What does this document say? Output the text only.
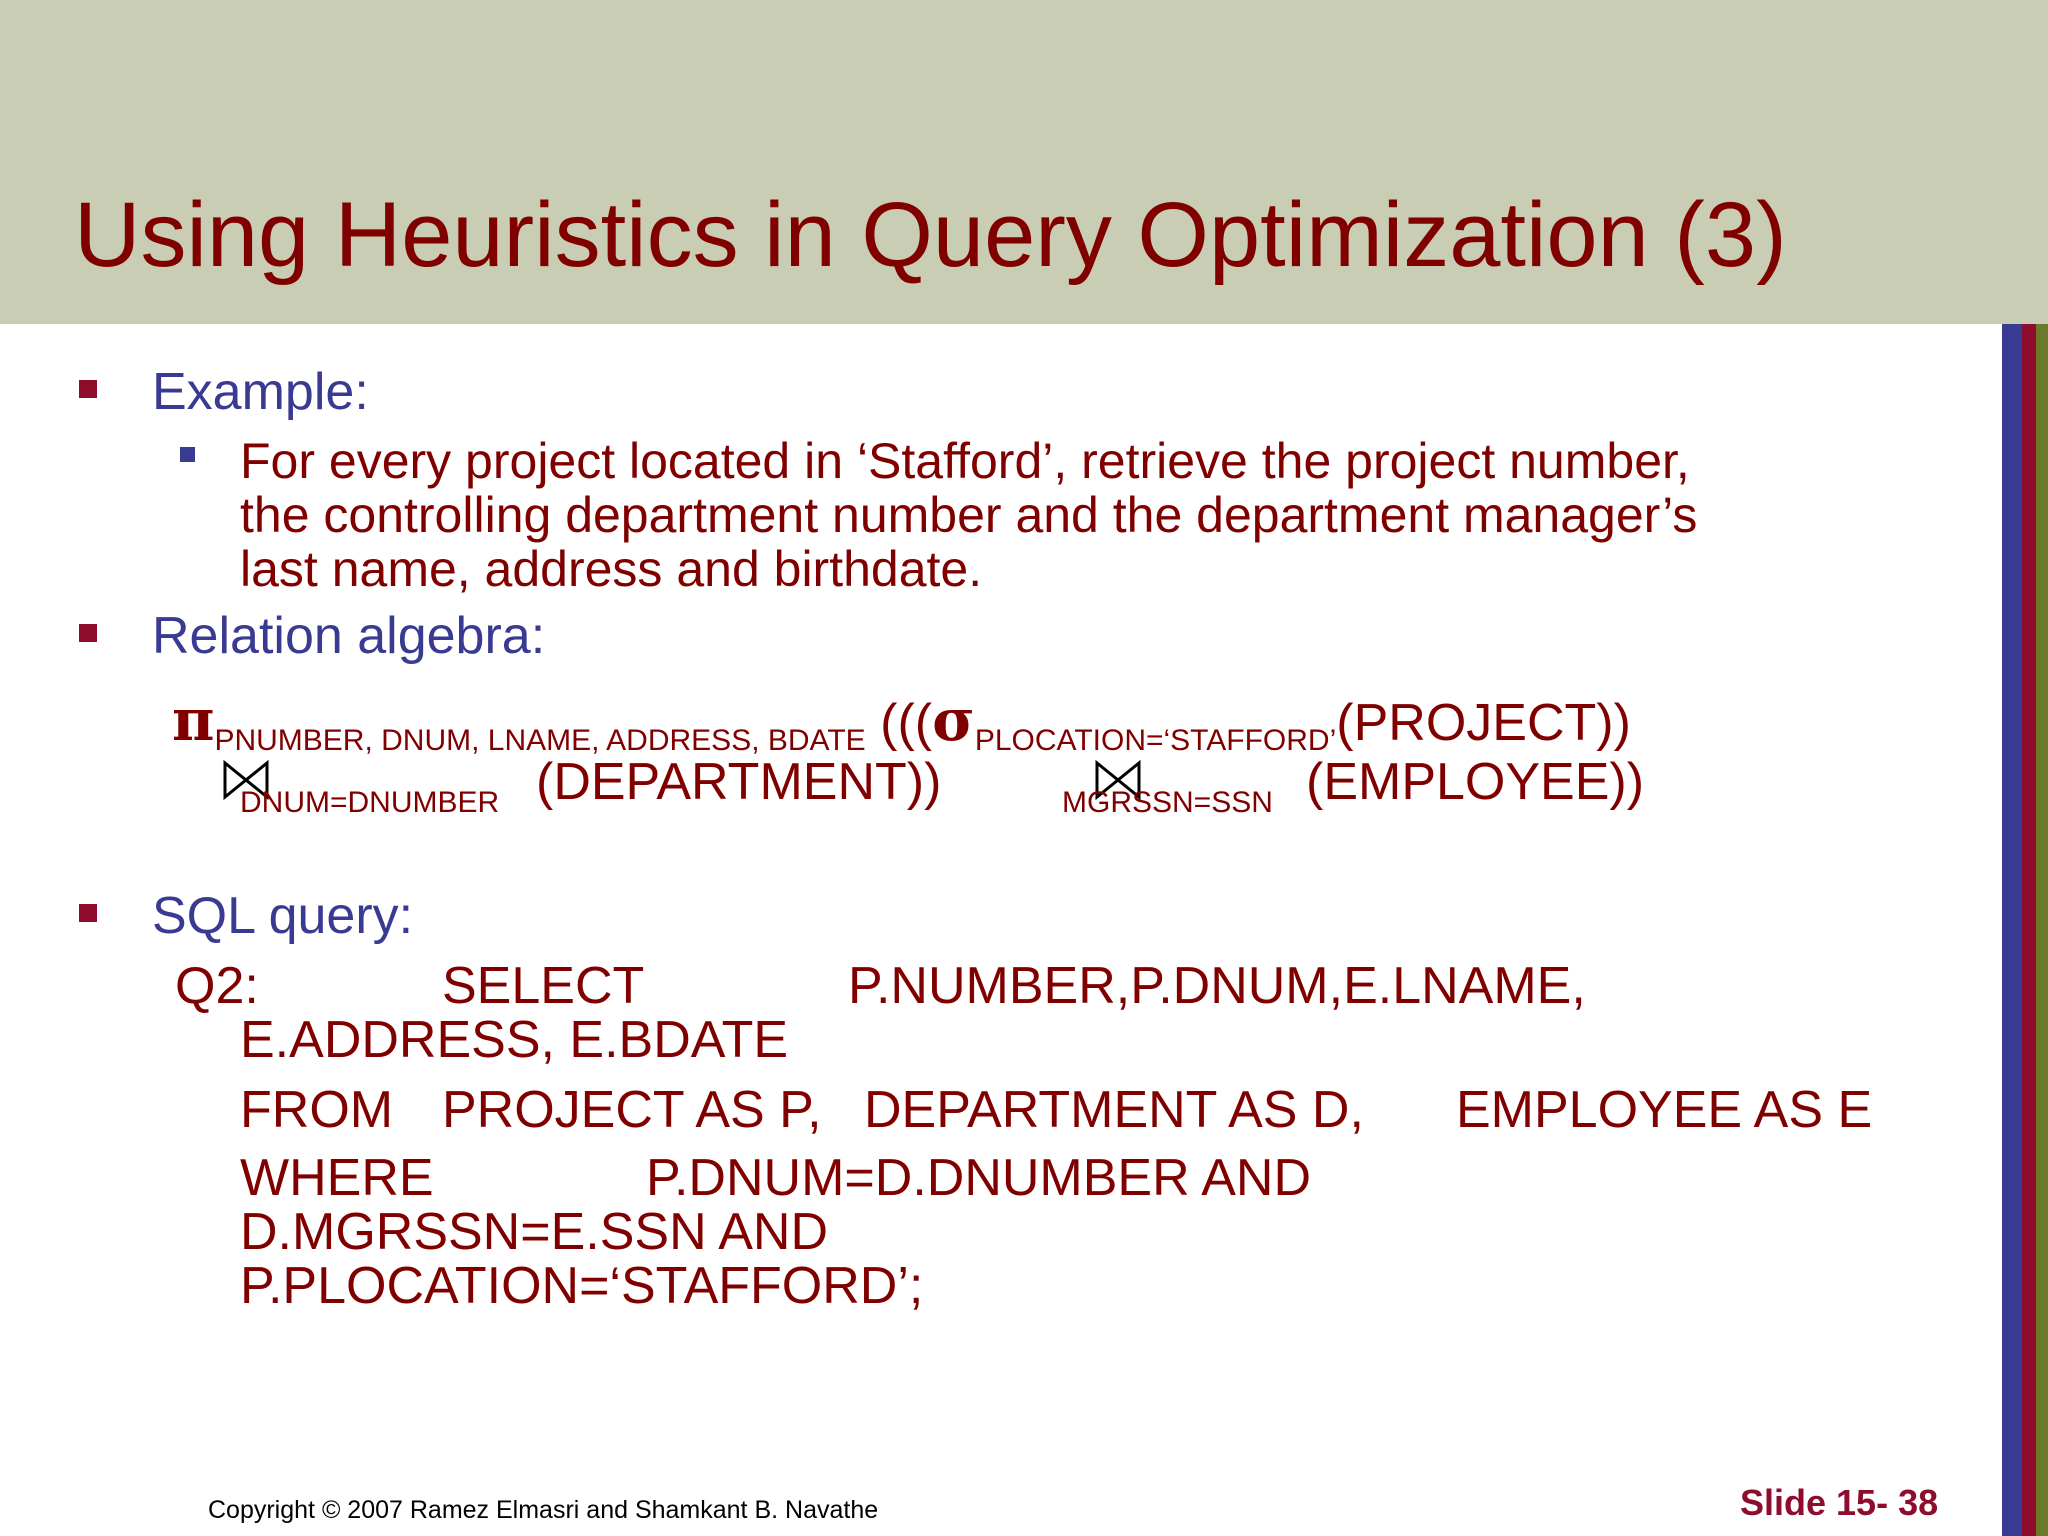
Using Heuristics in Query Optimization (3)
Example:
For every project located in ‘Stafford’, retrieve the project number,
the controlling department number and the department manager’s
last name, address and birthdate.
Relation algebra:
πPNUMBER, DNUM, LNAME, ADDRESS, BDATE (((σPLOCATION=‘STAFFORD’(PROJECT))
DNUM=DNUMBER (DEPARTMENT))	MGRSSN=SSN (EMPLOYEE))
SQL query:
Q2:	SELECT	P.NUMBER,P.DNUM,E.LNAME,
E.ADDRESS, E.BDATE
FROM PROJECT AS P, DEPARTMENT AS D, EMPLOYEE AS E
WHERE	P.DNUM=D.DNUMBER AND
D.MGRSSN=E.SSN AND
P.PLOCATION=‘STAFFORD’;
Copyright © 2007 Ramez Elmasri and Shamkant B. Navathe	Slide 15- 38
